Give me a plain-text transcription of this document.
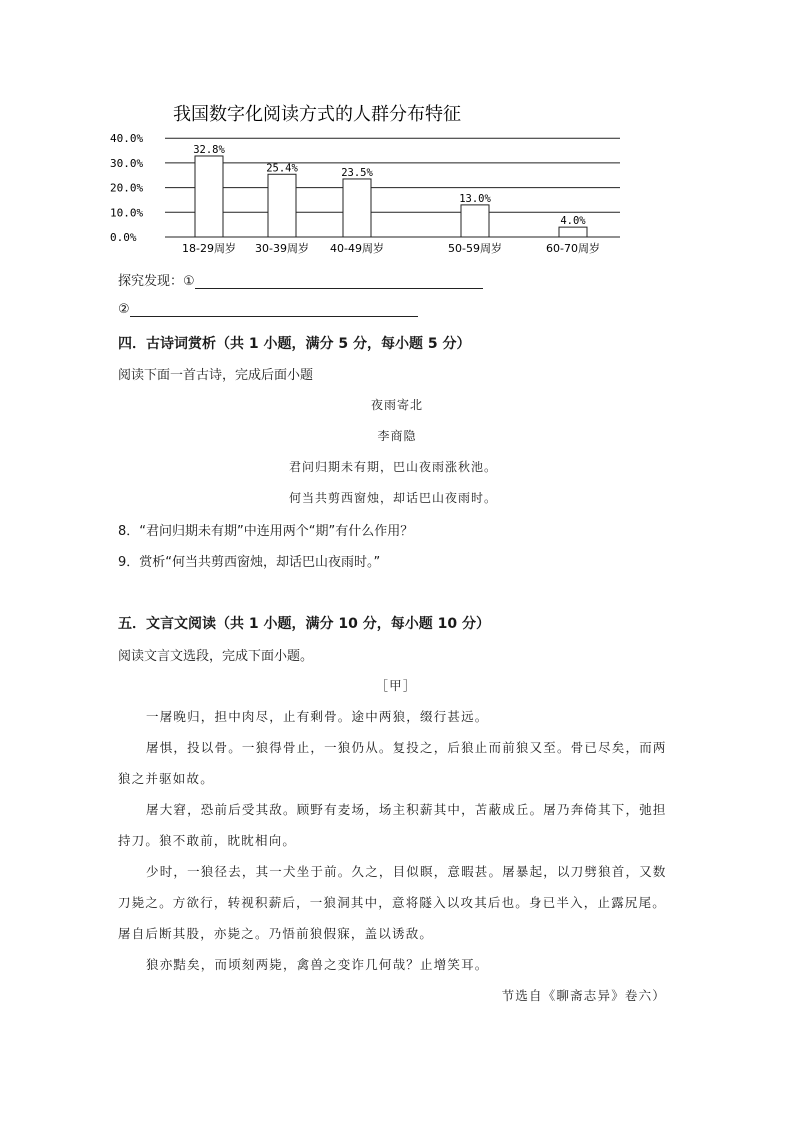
我国数字化阅读方式的人群分布特征
40.0%
30.0%
20.0%
10.0%
0.0%
32.8%
25.4%	23.5%
13.0%
4.0%
18-29周岁 30-39周岁 40-49周岁	50-59周岁	60-70周岁
探究发现：①
②
四．古诗词赏析（共 1 小题，满分 5 分，每小题 5 分）
阅读下面一首古诗，完成后面小题
夜雨寄北
李商隐
君问归期未有期，巴山夜雨涨秋池。
何当共剪西窗烛，却话巴山夜雨时。
8．“君问归期未有期”中连用两个“期”有什么作用？
9．赏析“何当共剪西窗烛，却话巴山夜雨时。”
五．文言文阅读（共 1 小题，满分 10 分，每小题 10 分）
阅读文言文选段，完成下面小题。
［甲］
一屠晚归，担中肉尽，止有剩骨。途中两狼，缀行甚远。
屠惧，投以骨。一狼得骨止，一狼仍从。复投之，后狼止而前狼又至。骨已尽矣，而两
狼之并驱如故。
屠大窘，恐前后受其敌。顾野有麦场，场主积薪其中，苫蔽成丘。屠乃奔倚其下，弛担
持刀。狼不敢前，眈眈相向。
少时，一狼径去，其一犬坐于前。久之，目似瞑，意暇甚。屠暴起，以刀劈狼首，又数
刀毙之。方欲行，转视积薪后，一狼洞其中，意将隧入以攻其后也。身已半入，止露尻尾。
屠自后断其股，亦毙之。乃悟前狼假寐，盖以诱敌。
狼亦黠矣，而顷刻两毙，禽兽之变诈几何哉？止增笑耳。
节选自《聊斋志异》卷六）
